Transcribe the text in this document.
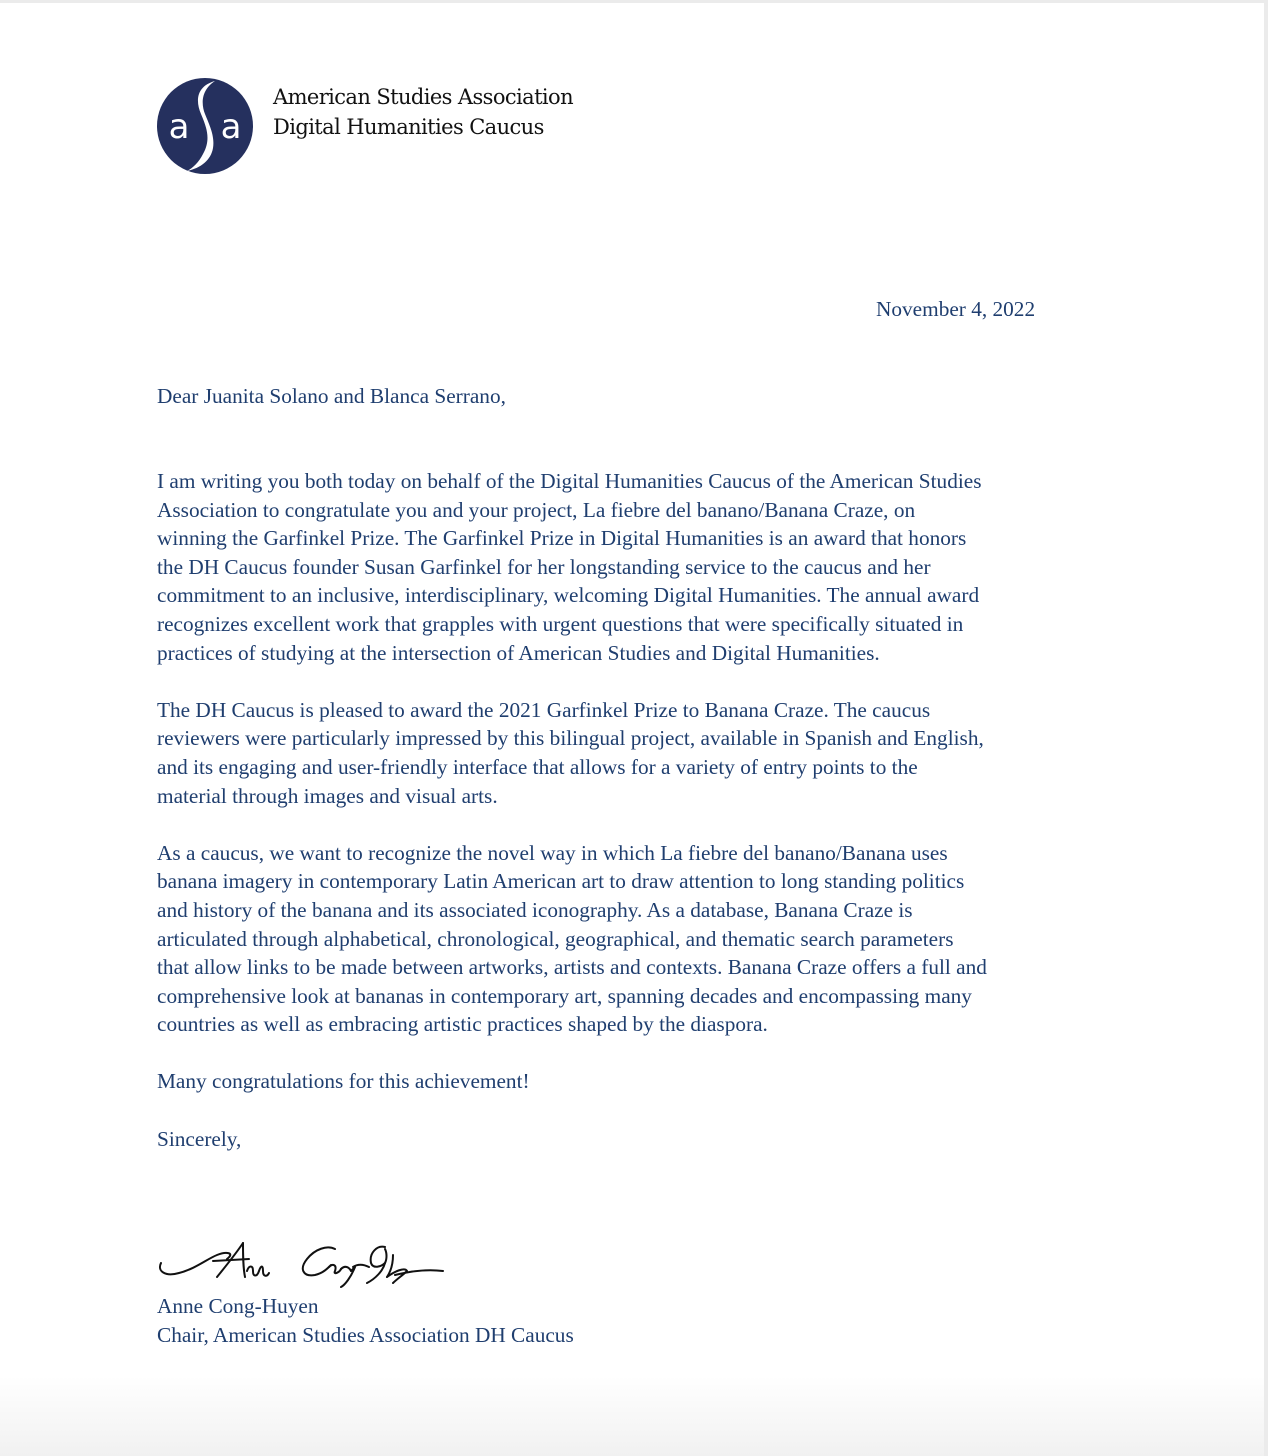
a a
American Studies Association
Digital Humanities Caucus
November 4, 2022
Dear Juanita Solano and Blanca Serrano,

I am writing you both today on behalf of the Digital Humanities Caucus of the American Studies
Association to congratulate you and your project, La fiebre del banano/Banana Craze, on
winning the Garfinkel Prize. The Garfinkel Prize in Digital Humanities is an award that honors
the DH Caucus founder Susan Garfinkel for her longstanding service to the caucus and her
commitment to an inclusive, interdisciplinary, welcoming Digital Humanities. The annual award
recognizes excellent work that grapples with urgent questions that were specifically situated in
practices of studying at the intersection of American Studies and Digital Humanities.

The DH Caucus is pleased to award the 2021 Garfinkel Prize to Banana Craze. The caucus
reviewers were particularly impressed by this bilingual project, available in Spanish and English,
and its engaging and user-friendly interface that allows for a variety of entry points to the
material through images and visual arts.

As a caucus, we want to recognize the novel way in which La fiebre del banano/Banana uses
banana imagery in contemporary Latin American art to draw attention to long standing politics
and history of the banana and its associated iconography. As a database, Banana Craze is
articulated through alphabetical, chronological, geographical, and thematic search parameters
that allow links to be made between artworks, artists and contexts. Banana Craze offers a full and
comprehensive look at bananas in contemporary art, spanning decades and encompassing many
countries as well as embracing artistic practices shaped by the diaspora.

Many congratulations for this achievement!

Sincerely,

Anne Cong-Huyen
Chair, American Studies Association DH Caucus
